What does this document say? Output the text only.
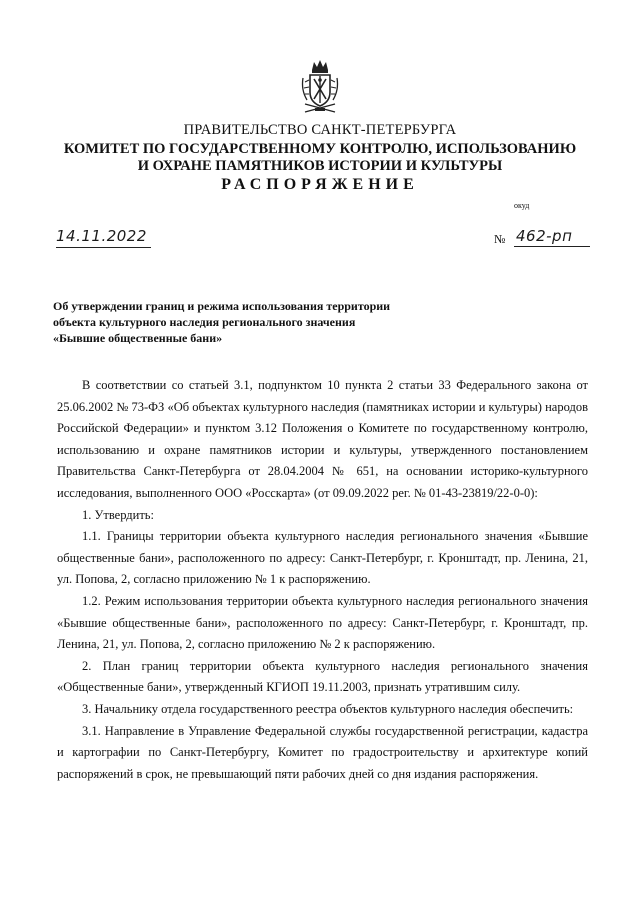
ПРАВИТЕЛЬСТВО САНКТ-ПЕТЕРБУРГА
КОМИТЕТ ПО ГОСУДАРСТВЕННОМУ КОНТРОЛЮ, ИСПОЛЬЗОВАНИЮ
И ОХРАНЕ ПАМЯТНИКОВ ИСТОРИИ И КУЛЬТУРЫ
РАСПОРЯЖЕНИЕ
окуд
14.11.2022	№ 462-рп
Об утверждении границ и режима использования территории
объекта культурного наследия регионального значения
«Бывшие общественные бани»

В соответствии со статьей 3.1, подпунктом 10 пункта 2 статьи 33 Федерального закона от 25.06.2002 № 73-ФЗ «Об объектах культурного наследия (памятниках истории и культуры) народов Российской Федерации» и пунктом 3.12 Положения о Комитете по государственному контролю, использованию и охране памятников истории и культуры, утвержденного постановлением Правительства Санкт-Петербурга от 28.04.2004 № 651, на основании историко-культурного исследования, выполненного ООО «Росскарта» (от 09.09.2022 рег. № 01-43-23819/22-0-0):

1. Утвердить:

1.1. Границы территории объекта культурного наследия регионального значения «Бывшие общественные бани», расположенного по адресу: Санкт-Петербург, г. Кронштадт, пр. Ленина, 21, ул. Попова, 2, согласно приложению № 1 к распоряжению.

1.2. Режим использования территории объекта культурного наследия регионального значения «Бывшие общественные бани», расположенного по адресу: Санкт-Петербург, г. Кронштадт, пр. Ленина, 21, ул. Попова, 2, согласно приложению № 2 к распоряжению.

2. План границ территории объекта культурного наследия регионального значения «Общественные бани», утвержденный КГИОП 19.11.2003, признать утратившим силу.

3. Начальнику отдела государственного реестра объектов культурного наследия обеспечить:

3.1. Направление в Управление Федеральной службы государственной регистрации, кадастра и картографии по Санкт-Петербургу, Комитет по градостроительству и архитектуре копий распоряжений в срок, не превышающий пяти рабочих дней со дня издания распоряжения.
